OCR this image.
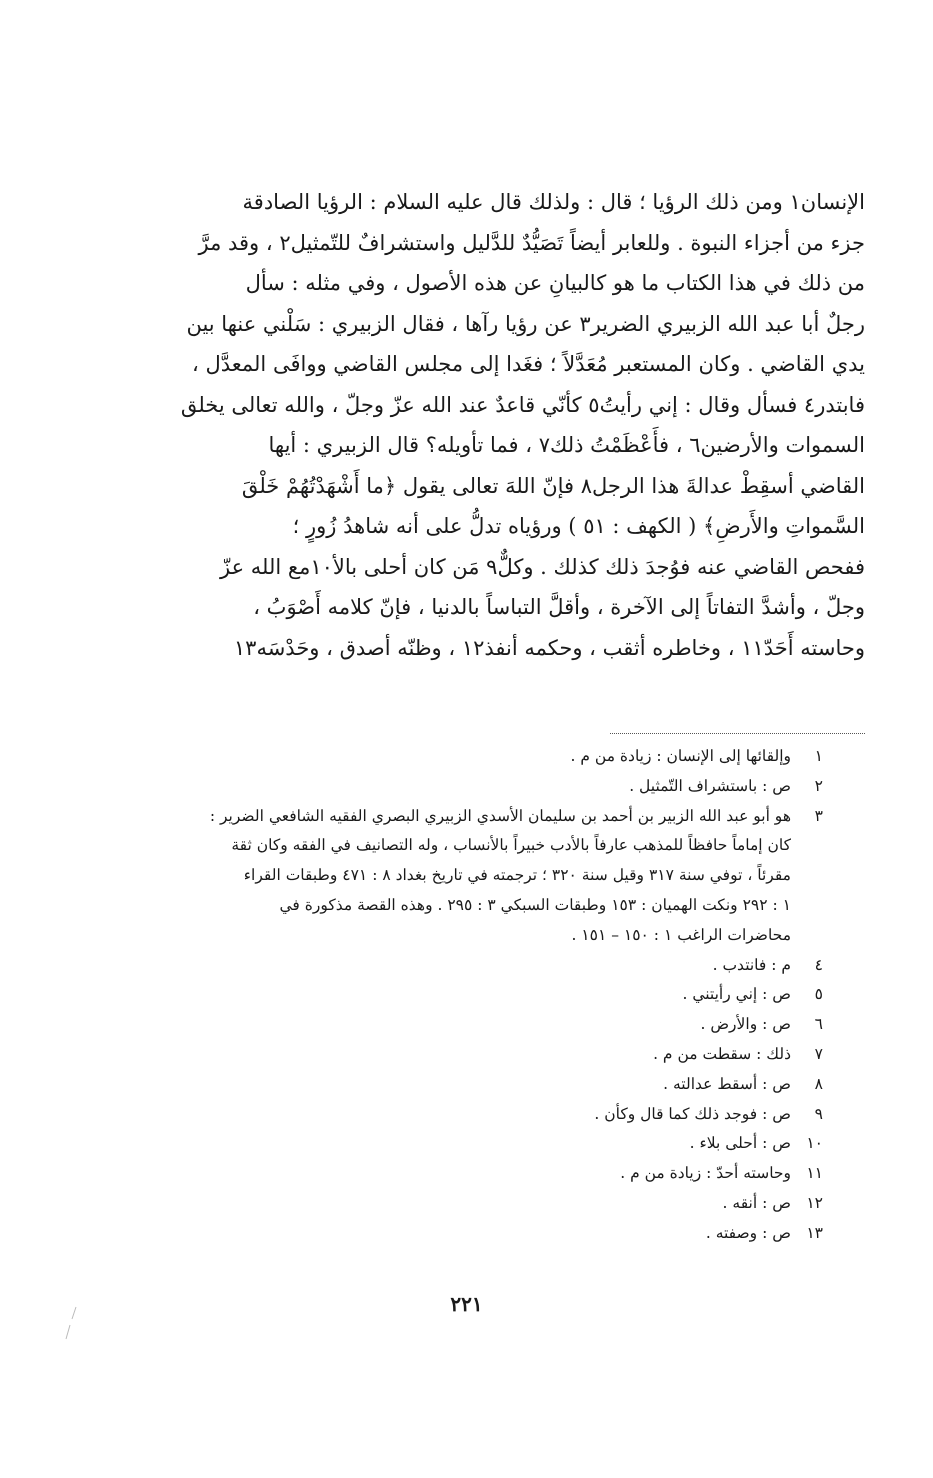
الإنسان١ ومن ذلك الرؤيا ؛ قال : ولذلك قال عليه السلام : الرؤيا الصادقة
جزء من أجزاء النبوة . وللعابر أيضاً تَصَيُّدٌ للدَّليل واستشرافٌ للتّمثيل٢ ، وقد مرَّ
من ذلك في هذا الكتاب ما هو كالبيانِ عن هذه الأصول ، وفي مثله : سأل
رجلٌ أبا عبد الله الزبيري الضرير٣ عن رؤيا رآها ، فقال الزبيري : سَلْني عنها بين
يدي القاضي . وكان المستعبر مُعَدَّلاً ؛ فغَدا إلى مجلس القاضي ووافَى المعدَّل ،
فابتدر٤ فسأل وقال : إني رأيتُ٥ كأنّي قاعدٌ عند الله عزّ وجلّ ، والله تعالى يخلق
السموات والأرضين٦ ، فأَعْظَمْتُ ذلك٧ ، فما تأويله؟ قال الزبيري : أيها
القاضي أسقِطْ عدالةَ هذا الرجل٨ فإنّ اللهَ تعالى يقول ﴿ما أَشْهَدْتُهُمْ خَلْقَ
السَّمواتِ والأَرضِ﴾ ( الكهف : ٥١ ) ورؤياه تدلُّ على أنه شاهدُ زُورٍ ؛
ففحص القاضي عنه فوُجدَ ذلك كذلك . وكلٌّ٩ مَن كان أحلى بالأ١٠مع الله عزّ
وجلّ ، وأشدَّ التفاتاً إلى الآخرة ، وأقلَّ التباساً بالدنيا ، فإنّ كلامه أَصْوَبُ ،
وحاسته أَحَدّ١١ ، وخاطره أثقب ، وحكمه أنفذ١٢ ، وظنّه أصدق ، وحَدْسَه١٣
١
وإلقائها إلى الإنسان : زيادة من م .
٢
ص : باستشراف التّمثيل .
٣
هو أبو عبد الله الزبير بن أحمد بن سليمان الأسدي الزبيري البصري الفقيه الشافعي الضرير :
كان إماماً حافظاً للمذهب عارفاً بالأدب خبيراً بالأنساب ، وله التصانيف في الفقه وكان ثقة
مقرئاً ، توفي سنة ٣١٧ وقيل سنة ٣٢٠ ؛ ترجمته في تاريخ بغداد ٨ : ٤٧١ وطبقات القراء
١ : ٢٩٢ ونكت الهميان : ١٥٣ وطبقات السبكي ٣ : ٢٩٥ . وهذه القصة مذكورة في
محاضرات الراغب ١ : ١٥٠ – ١٥١ .
٤
م : فانتدب .
٥
ص : إني رأيتني .
٦
ص : والأرض .
٧
ذلك : سقطت من م .
٨
ص : أسقط عدالته .
٩
ص : فوجد ذلك كما قال وكأن .
١٠
ص : أحلى بلاء .
١١
وحاسته أحدّ : زيادة من م .
١٢
ص : أنقه .
١٣
ص : وصفته .
٢٢١
